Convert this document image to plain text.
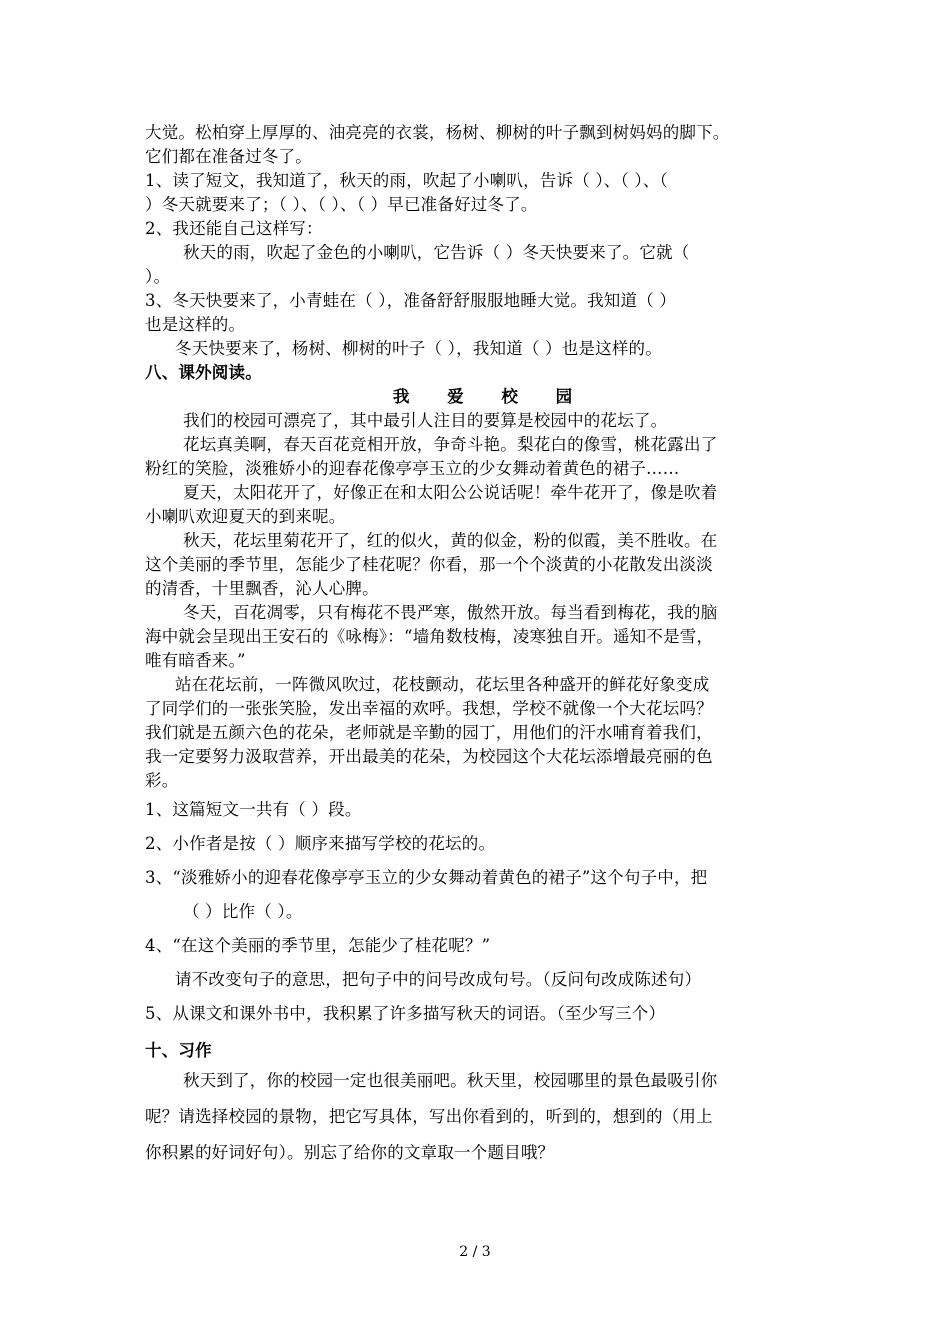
大觉。松柏穿上厚厚的、油亮亮的衣裳，杨树、柳树的叶子飘到树妈妈的脚下。
它们都在准备过冬了。
1、读了短文，我知道了，秋天的雨，吹起了小喇叭，告诉（ ）、（ ）、（
）冬天就要来了；（ ）、（ ）、（ ）早已准备好过冬了。
2、我还能自己这样写：
秋天的雨，吹起了金色的小喇叭，它告诉（ ）冬天快要来了。它就（
）。
3、冬天快要来了，小青蛙在（ ），准备舒舒服服地睡大觉。我知道（ ）
也是这样的。
冬天快要来了，杨树、柳树的叶子（ ），我知道（ ）也是这样的。
八、课外阅读。
我 爱 校 园
我们的校园可漂亮了，其中最引人注目的要算是校园中的花坛了。
花坛真美啊，春天百花竞相开放，争奇斗艳。梨花白的像雪，桃花露出了
粉红的笑脸，淡雅娇小的迎春花像亭亭玉立的少女舞动着黄色的裙子……
夏天，太阳花开了，好像正在和太阳公公说话呢！牵牛花开了，像是吹着
小喇叭欢迎夏天的到来呢。
秋天，花坛里菊花开了，红的似火，黄的似金，粉的似霞，美不胜收。在
这个美丽的季节里，怎能少了桂花呢？你看，那一个个淡黄的小花散发出淡淡
的清香，十里飘香，沁人心脾。
冬天，百花凋零，只有梅花不畏严寒，傲然开放。每当看到梅花，我的脑
海中就会呈现出王安石的《咏梅》：“墙角数枝梅，凌寒独自开。遥知不是雪，
唯有暗香来。”
站在花坛前，一阵微风吹过，花枝颤动，花坛里各种盛开的鲜花好象变成
了同学们的一张张笑脸，发出幸福的欢呼。我想，学校不就像一个大花坛吗？
我们就是五颜六色的花朵，老师就是辛勤的园丁，用他们的汗水哺育着我们，
我一定要努力汲取营养，开出最美的花朵，为校园这个大花坛添增最亮丽的色
彩。
1、这篇短文一共有（ ）段。
2、小作者是按（ ）顺序来描写学校的花坛的。
3、“淡雅娇小的迎春花像亭亭玉立的少女舞动着黄色的裙子”这个句子中，把
（ ）比作（ ）。
4、“在这个美丽的季节里，怎能少了桂花呢？”
请不改变句子的意思，把句子中的问号改成句号。（反问句改成陈述句）
5、从课文和课外书中，我积累了许多描写秋天的词语。（至少写三个）
十、习作
秋天到了，你的校园一定也很美丽吧。秋天里，校园哪里的景色最吸引你
呢？请选择校园的景物，把它写具体，写出你看到的，听到的，想到的（用上
你积累的好词好句）。别忘了给你的文章取一个题目哦？
2 / 3
